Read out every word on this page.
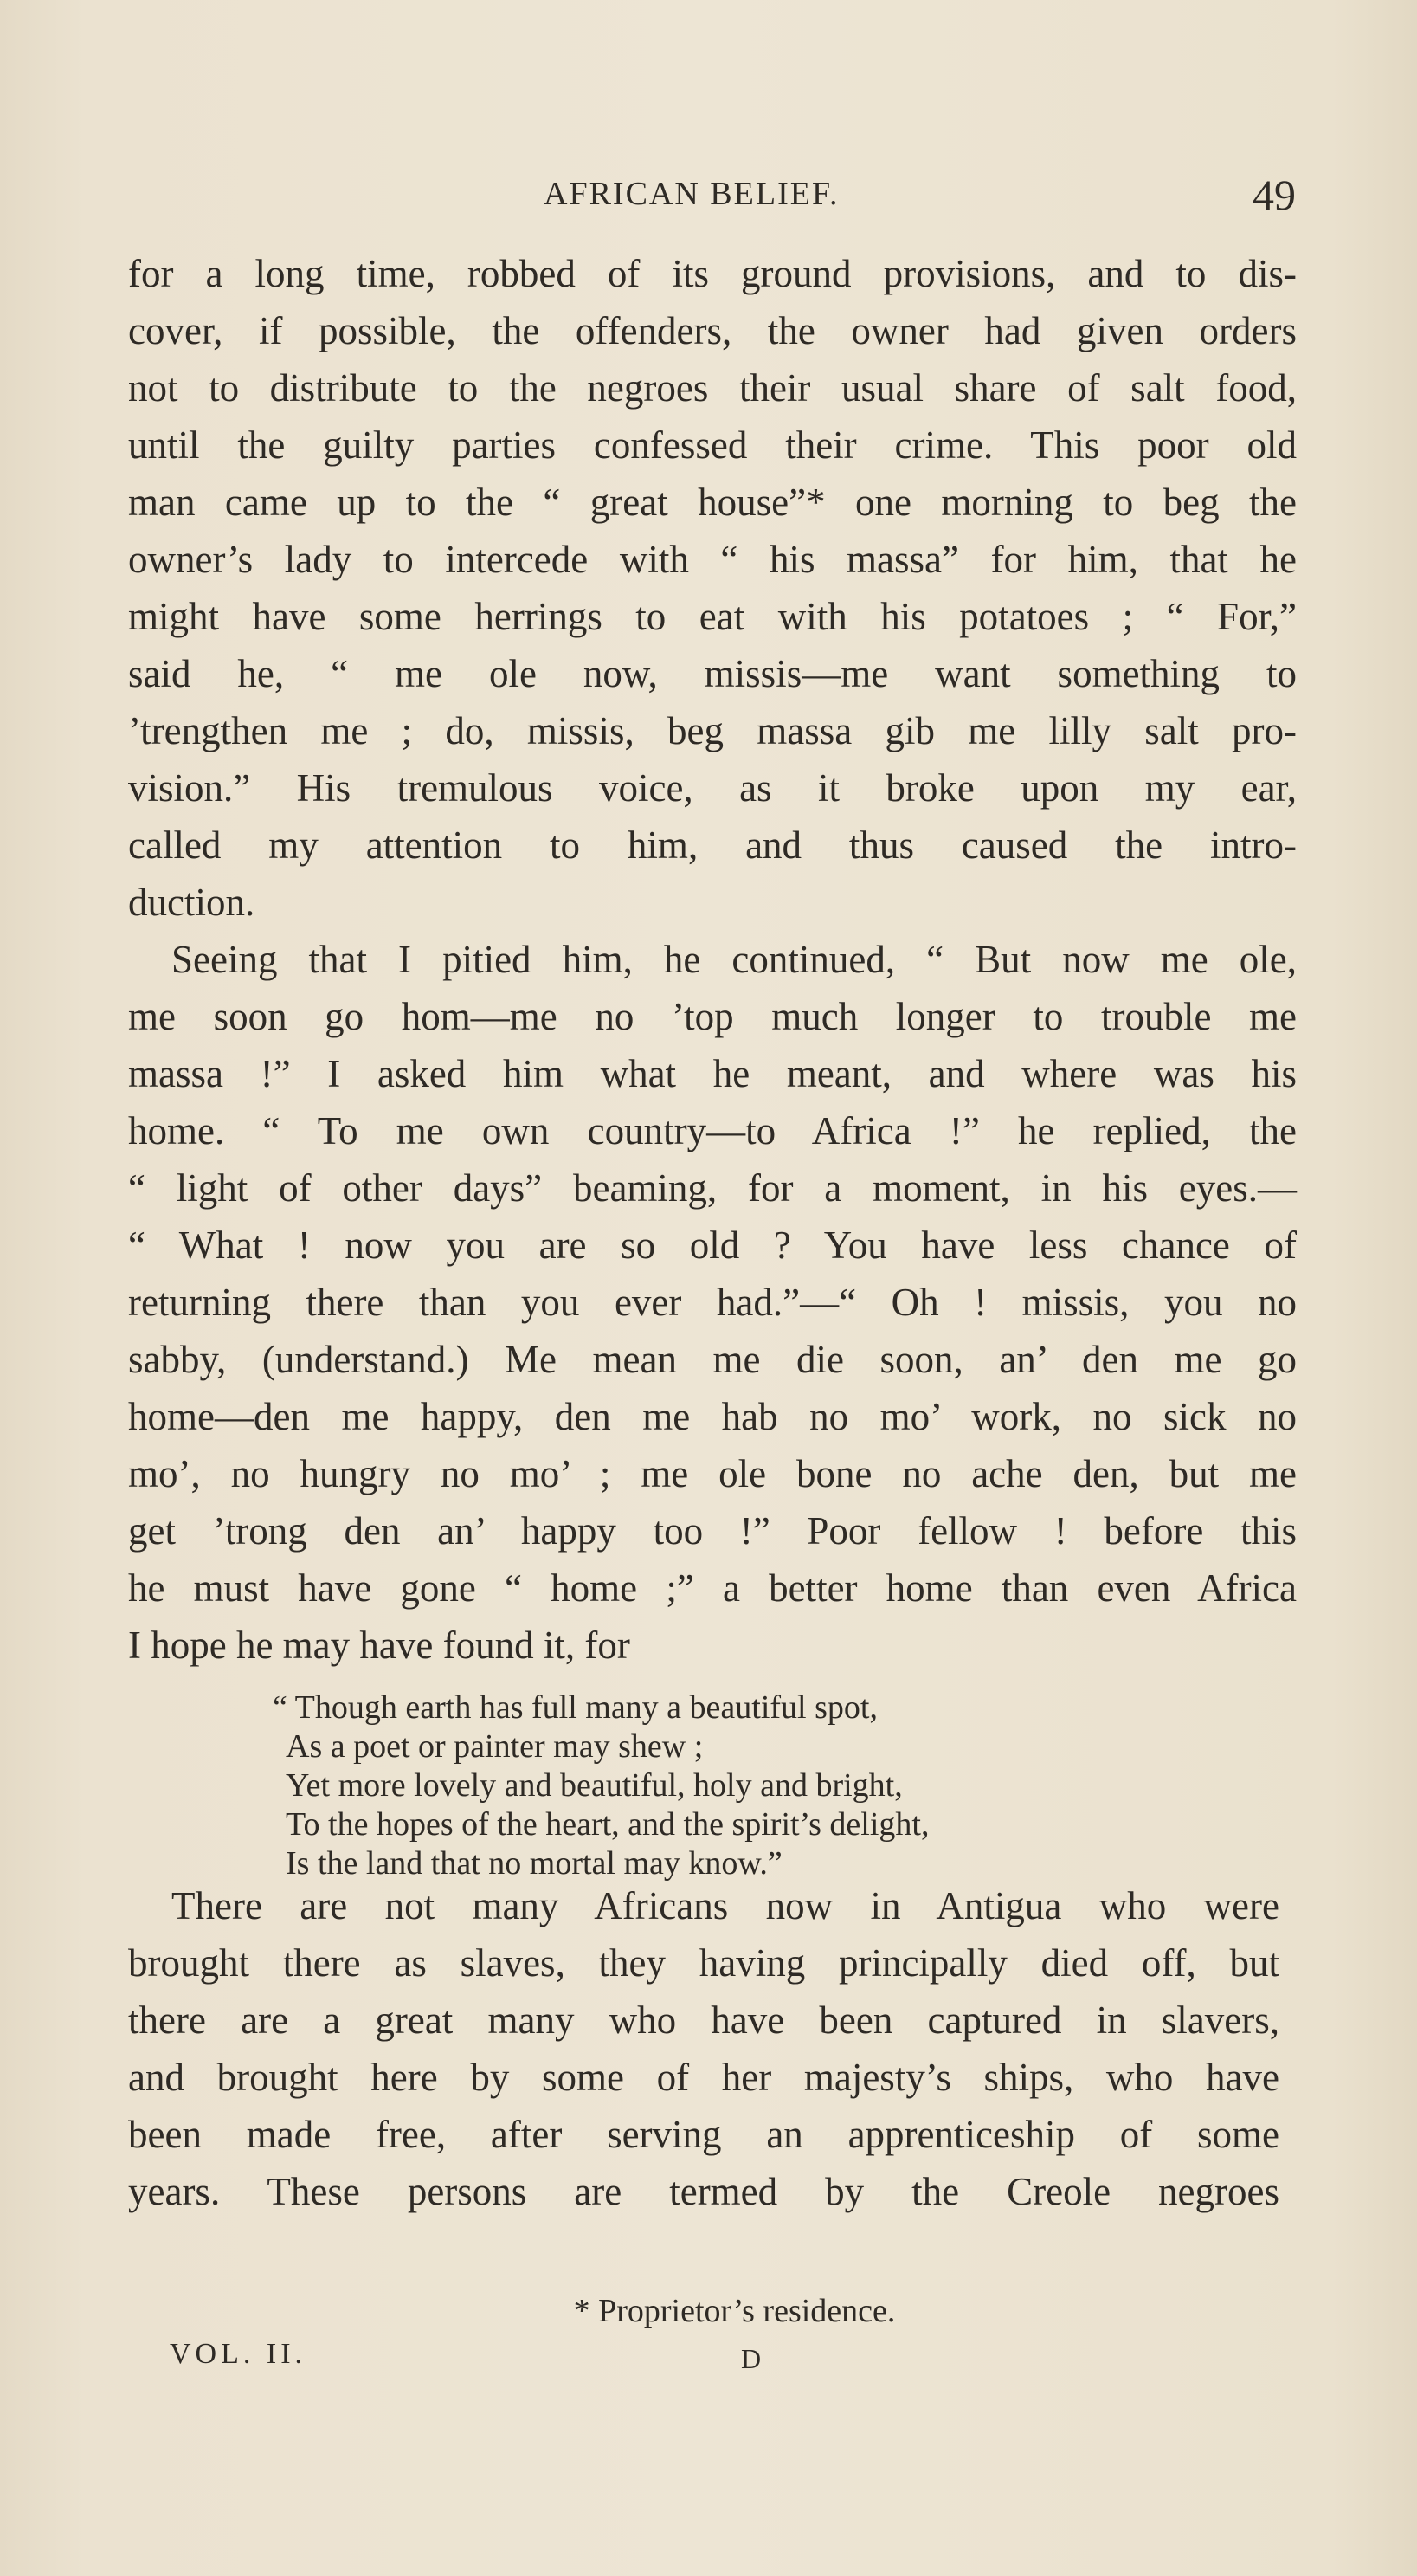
AFRICAN BELIEF.	49
for a long time, robbed of its ground provisions, and to dis-
cover, if possible, the offenders, the owner had given orders
not to distribute to the negroes their usual share of salt food,
until the guilty parties confessed their crime. This poor old
man came up to the “ great house”* one morning to beg the
owner’s lady to intercede with “ his massa” for him, that he
might have some herrings to eat with his potatoes ; “ For,”
said he, “ me ole now, missis—me want something to
’trengthen me ; do, missis, beg massa gib me lilly salt pro-
vision.” His tremulous voice, as it broke upon my ear,
called my attention to him, and thus caused the intro-
duction.
Seeing that I pitied him, he continued, “ But now me ole,
me soon go hom—me no ’top much longer to trouble me
massa !” I asked him what he meant, and where was his
home. “ To me own country—to Africa !” he replied, the
“ light of other days” beaming, for a moment, in his eyes.—
“ What ! now you are so old ? You have less chance of
returning there than you ever had.”—“ Oh ! missis, you no
sabby, (understand.) Me mean me die soon, an’ den me go
home—den me happy, den me hab no mo’ work, no sick no
mo’, no hungry no mo’ ; me ole bone no ache den, but me
get ’trong den an’ happy too !” Poor fellow ! before this
he must have gone “ home ;” a better home than even Africa
I hope he may have found it, for
“ Though earth has full many a beautiful spot,
As a poet or painter may shew ;
Yet more lovely and beautiful, holy and bright,
To the hopes of the heart, and the spirit’s delight,
Is the land that no mortal may know.”
There are not many Africans now in Antigua who were
brought there as slaves, they having principally died off, but
there are a great many who have been captured in slavers,
and brought here by some of her majesty’s ships, who have
been made free, after serving an apprenticeship of some
years. These persons are termed by the Creole negroes
* Proprietor’s residence.
VOL. II.	D
